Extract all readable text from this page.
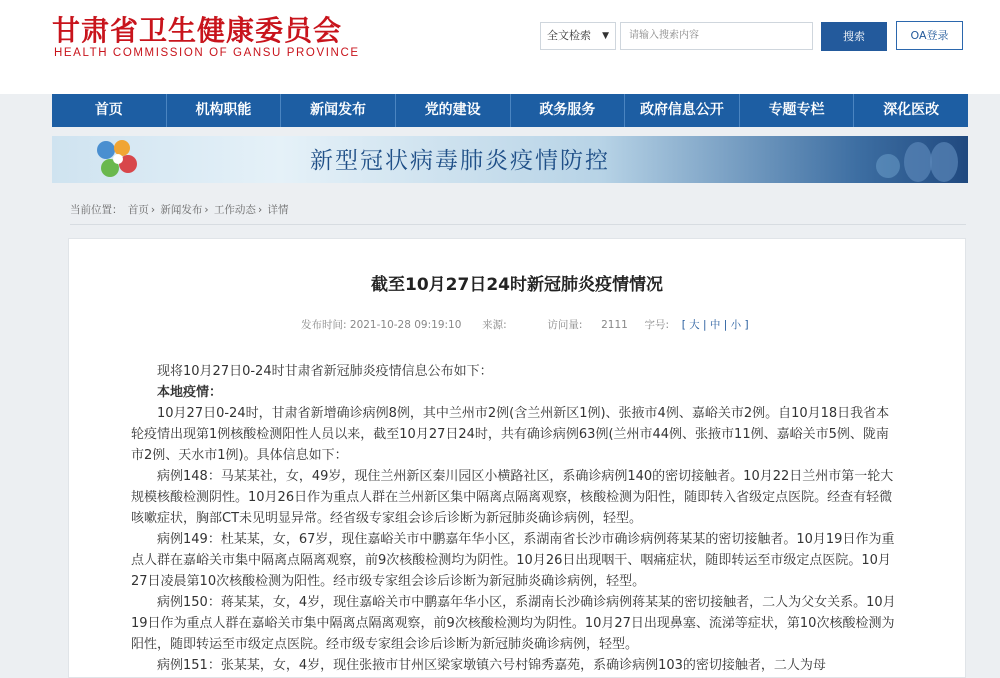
甘肃省卫生健康委员会
HEALTH COMMISSION OF GANSU PROVINCE
全文检索 ▼	请输入搜索内容	搜索	OA登录
首页	机构职能	新闻发布	党的建设	政务服务	政府信息公开	专题专栏	深化医改
新型冠状病毒肺炎疫情防控
当前位置： 首页 › 新闻发布 › 工作动态 › 详情
截至10月27日24时新冠肺炎疫情情况
发布时间: 2021-10-28 09:19:10 来源:	访问量: 2111 字号: [ 大 | 中 | 小 ]

现将10月27日0-24时甘肃省新冠肺炎疫情信息公布如下：

本地疫情：

10月27日0-24时，甘肃省新增确诊病例8例，其中兰州市2例(含兰州新区1例)、张掖市4例、嘉峪关市2例。自10月18日我省本轮疫情出现第1例核酸检测阳性人员以来，截至10月27日24时，共有确诊病例63例(兰州市44例、张掖市11例、嘉峪关市5例、陇南市2例、天水市1例)。具体信息如下：

病例148：马某某社，女，49岁，现住兰州新区秦川园区小横路社区，系确诊病例140的密切接触者。10月22日兰州市第一轮大规模核酸检测阴性。10月26日作为重点人群在兰州新区集中隔离点隔离观察，核酸检测为阳性，随即转入省级定点医院。经查有轻微咳嗽症状，胸部CT未见明显异常。经省级专家组会诊后诊断为新冠肺炎确诊病例，轻型。

病例149：杜某某，女，67岁，现住嘉峪关市中鹏嘉年华小区，系湖南省长沙市确诊病例蒋某某的密切接触者。10月19日作为重点人群在嘉峪关市集中隔离点隔离观察，前9次核酸检测均为阴性。10月26日出现咽干、咽痛症状，随即转运至市级定点医院。10月27日凌晨第10次核酸检测为阳性。经市级专家组会诊后诊断为新冠肺炎确诊病例，轻型。

病例150：蒋某某，女，4岁，现住嘉峪关市中鹏嘉年华小区，系湖南长沙确诊病例蒋某某的密切接触者，二人为父女关系。10月19日作为重点人群在嘉峪关市集中隔离点隔离观察，前9次核酸检测均为阴性。10月27日出现鼻塞、流涕等症状，第10次核酸检测为阳性，随即转运至市级定点医院。经市级专家组会诊后诊断为新冠肺炎确诊病例，轻型。

病例151：张某某，女，4岁，现住张掖市甘州区梁家墩镇六号村锦秀嘉苑，系确诊病例103的密切接触者，二人为母
